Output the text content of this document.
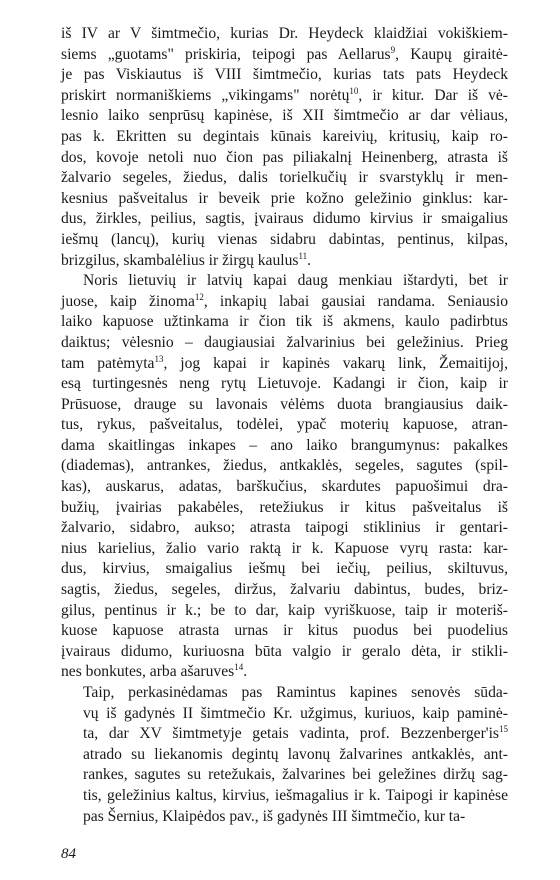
iš IV ar V šimtmečio, kurias Dr. Heydeck klaidžiai vokiškiem-
siems „guotams" priskiria, teipogi pas Aellarus$^9$, Kaupų giraitė-
je pas Viskiautus iš VIII šimtmečio, kurias tats pats Heydeck
priskirt normaniškiems „vikingams" norėtų$^{10}$, ir kitur. Dar iš vė-
lesnio laiko senprūsų kapinėse, iš XII šimtmečio ar dar vėliaus,
pas k. Ekritten su degintais kūnais kareivių, kritusių, kaip ro-
dos, kovoje netoli nuo čion pas piliakalnį Heinenberg, atrasta iš
žalvario segeles, žiedus, dalis torielkučių ir svarstyklų ir men-
kesnius pašveitalus ir beveik prie kožno geležinio ginklus: kar-
dus, žirkles, peilius, sagtis, įvairaus didumo kirvius ir smaigalius
iešmų (lancų), kurių vienas sidabru dabintas, pentinus, kilpas,
brizgilus, skambalėlius ir žirgų kaulus$^{11}$.
Noris lietuvių ir latvių kapai daug menkiau ištardyti, bet ir
juose, kaip žinoma$^{12}$, inkapių labai gausiai randama. Seniausio
laiko kapuose užtinkama ir čion tik iš akmens, kaulo padirbtus
daiktus; vėlesnio – daugiausiai žalvarinius bei geležinius. Prieg
tam patėmyta$^{13}$, jog kapai ir kapinės vakarų link, Žemaitijoj,
esą turtingesnės neng rytų Lietuvoje. Kadangi ir čion, kaip ir
Prūsuose, drauge su lavonais vėlėms duota brangiausius daik-
tus, rykus, pašveitalus, todėlei, ypač moterių kapuose, atran-
dama skaitlingas inkapes – ano laiko brangumynus: pakalkes
(diademas), antrankes, žiedus, antkaklės, segeles, sagutes (spil-
kas), auskarus, adatas, barškučius, skardutes papuošimui dra-
bužių, įvairias pakabėles, retežiukus ir kitus pašveitalus iš
žalvario, sidabro, aukso; atrasta taipogi stiklinius ir gentari-
nius karielius, žalio vario raktą ir k. Kapuose vyrų rasta: kar-
dus, kirvius, smaigalius iešmų bei iečių, peilius, skiltuvus,
sagtis, žiedus, segeles, diržus, žalvariu dabintus, budes, briz-
gilus, pentinus ir k.; be to dar, kaip vyriškuose, taip ir moteriš-
kuose kapuose atrasta urnas ir kitus puodus bei puodelius
įvairaus didumo, kuriuosna būta valgio ir geralo dėta, ir stikli-
nes bonkutes, arba ašaruves$^{14}$.
Taip, perkasinėdamas pas Ramintus kapines senovės sūda-
vų iš gadynės II šimtmečio Kr. užgimus, kuriuos, kaip paminė-
ta, dar XV šimtmetyje getais vadinta, prof. $Bezzenberger'is^{15}$
atrado su liekanomis degintų lavonų žalvarines antkaklės, ant-
rankes, sagutes su retežukais, žalvarines bei geležines diržų sag-
tis, geležinius kaltus, kirvius, iešmagalius ir k. Taipogi ir kapinėse
pas Šernius, Klaipėdos pav., iš gadynės III šimtmečio, kur ta-
84
